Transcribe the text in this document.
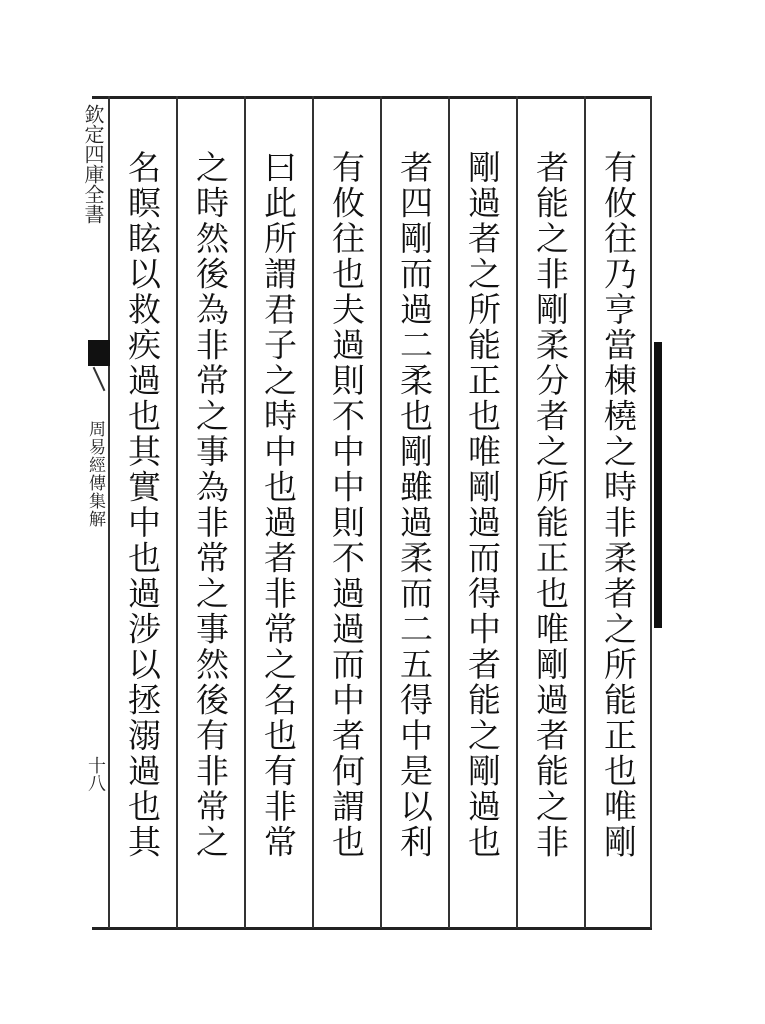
欽定四庫全書
周易經傳集解
十八	有攸往乃亨當棟橈之時非柔者之所能正也唯剛
者能之非剛柔分者之所能正也唯剛過者能之非
剛過者之所能正也唯剛過而得中者能之剛過也
者四剛而過二柔也剛雖過柔而二五得中是以利
有攸往也夫過則不中中則不過過而中者何謂也
曰此所謂君子之時中也過者非常之名也有非常
之時然後為非常之事為非常之事然後有非常之
名瞑眩以救疾過也其實中也過涉以拯溺過也其
